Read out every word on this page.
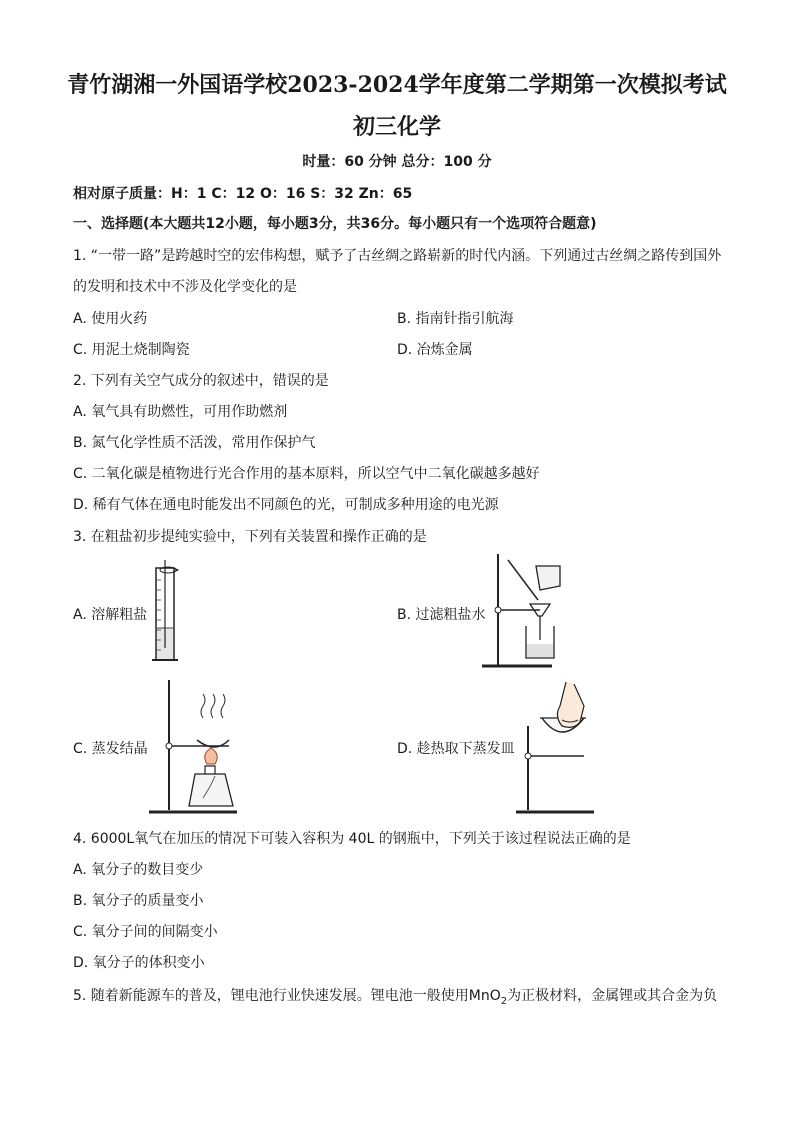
青竹湖湘一外国语学校2023-2024学年度第二学期第一次模拟考试
初三化学
时量：60 分钟 总分：100 分
相对原子质量：H：1 C：12 O：16 S：32 Zn：65
一、选择题(本大题共12小题，每小题3分，共36分。每小题只有一个选项符合题意)
1. “一带一路”是跨越时空的宏伟构想，赋予了古丝绸之路崭新的时代内涵。下列通过古丝绸之路传到国外
的发明和技术中不涉及化学变化的是
A. 使用火药	B. 指南针指引航海
C. 用泥土烧制陶瓷	D. 冶炼金属
2. 下列有关空气成分的叙述中，错误的是
A. 氧气具有助燃性，可用作助燃剂
B. 氮气化学性质不活泼，常用作保护气
C. 二氧化碳是植物进行光合作用的基本原料，所以空气中二氧化碳越多越好
D. 稀有气体在通电时能发出不同颜色的光，可制成多种用途的电光源
3. 在粗盐初步提纯实验中，下列有关装置和操作正确的是
A. 溶解粗盐	B. 过滤粗盐水
C. 蒸发结晶	D. 趁热取下蒸发皿
4. 6000L氧气在加压的情况下可装入容积为 40L 的钢瓶中，下列关于该过程说法正确的是
A. 氧分子的数目变少
B. 氧分子的质量变小
C. 氧分子间的间隔变小
D. 氧分子的体积变小
5. 随着新能源车的普及，锂电池行业快速发展。锂电池一般使用MnO$_2$为正极材料，金属锂或其合金为负
